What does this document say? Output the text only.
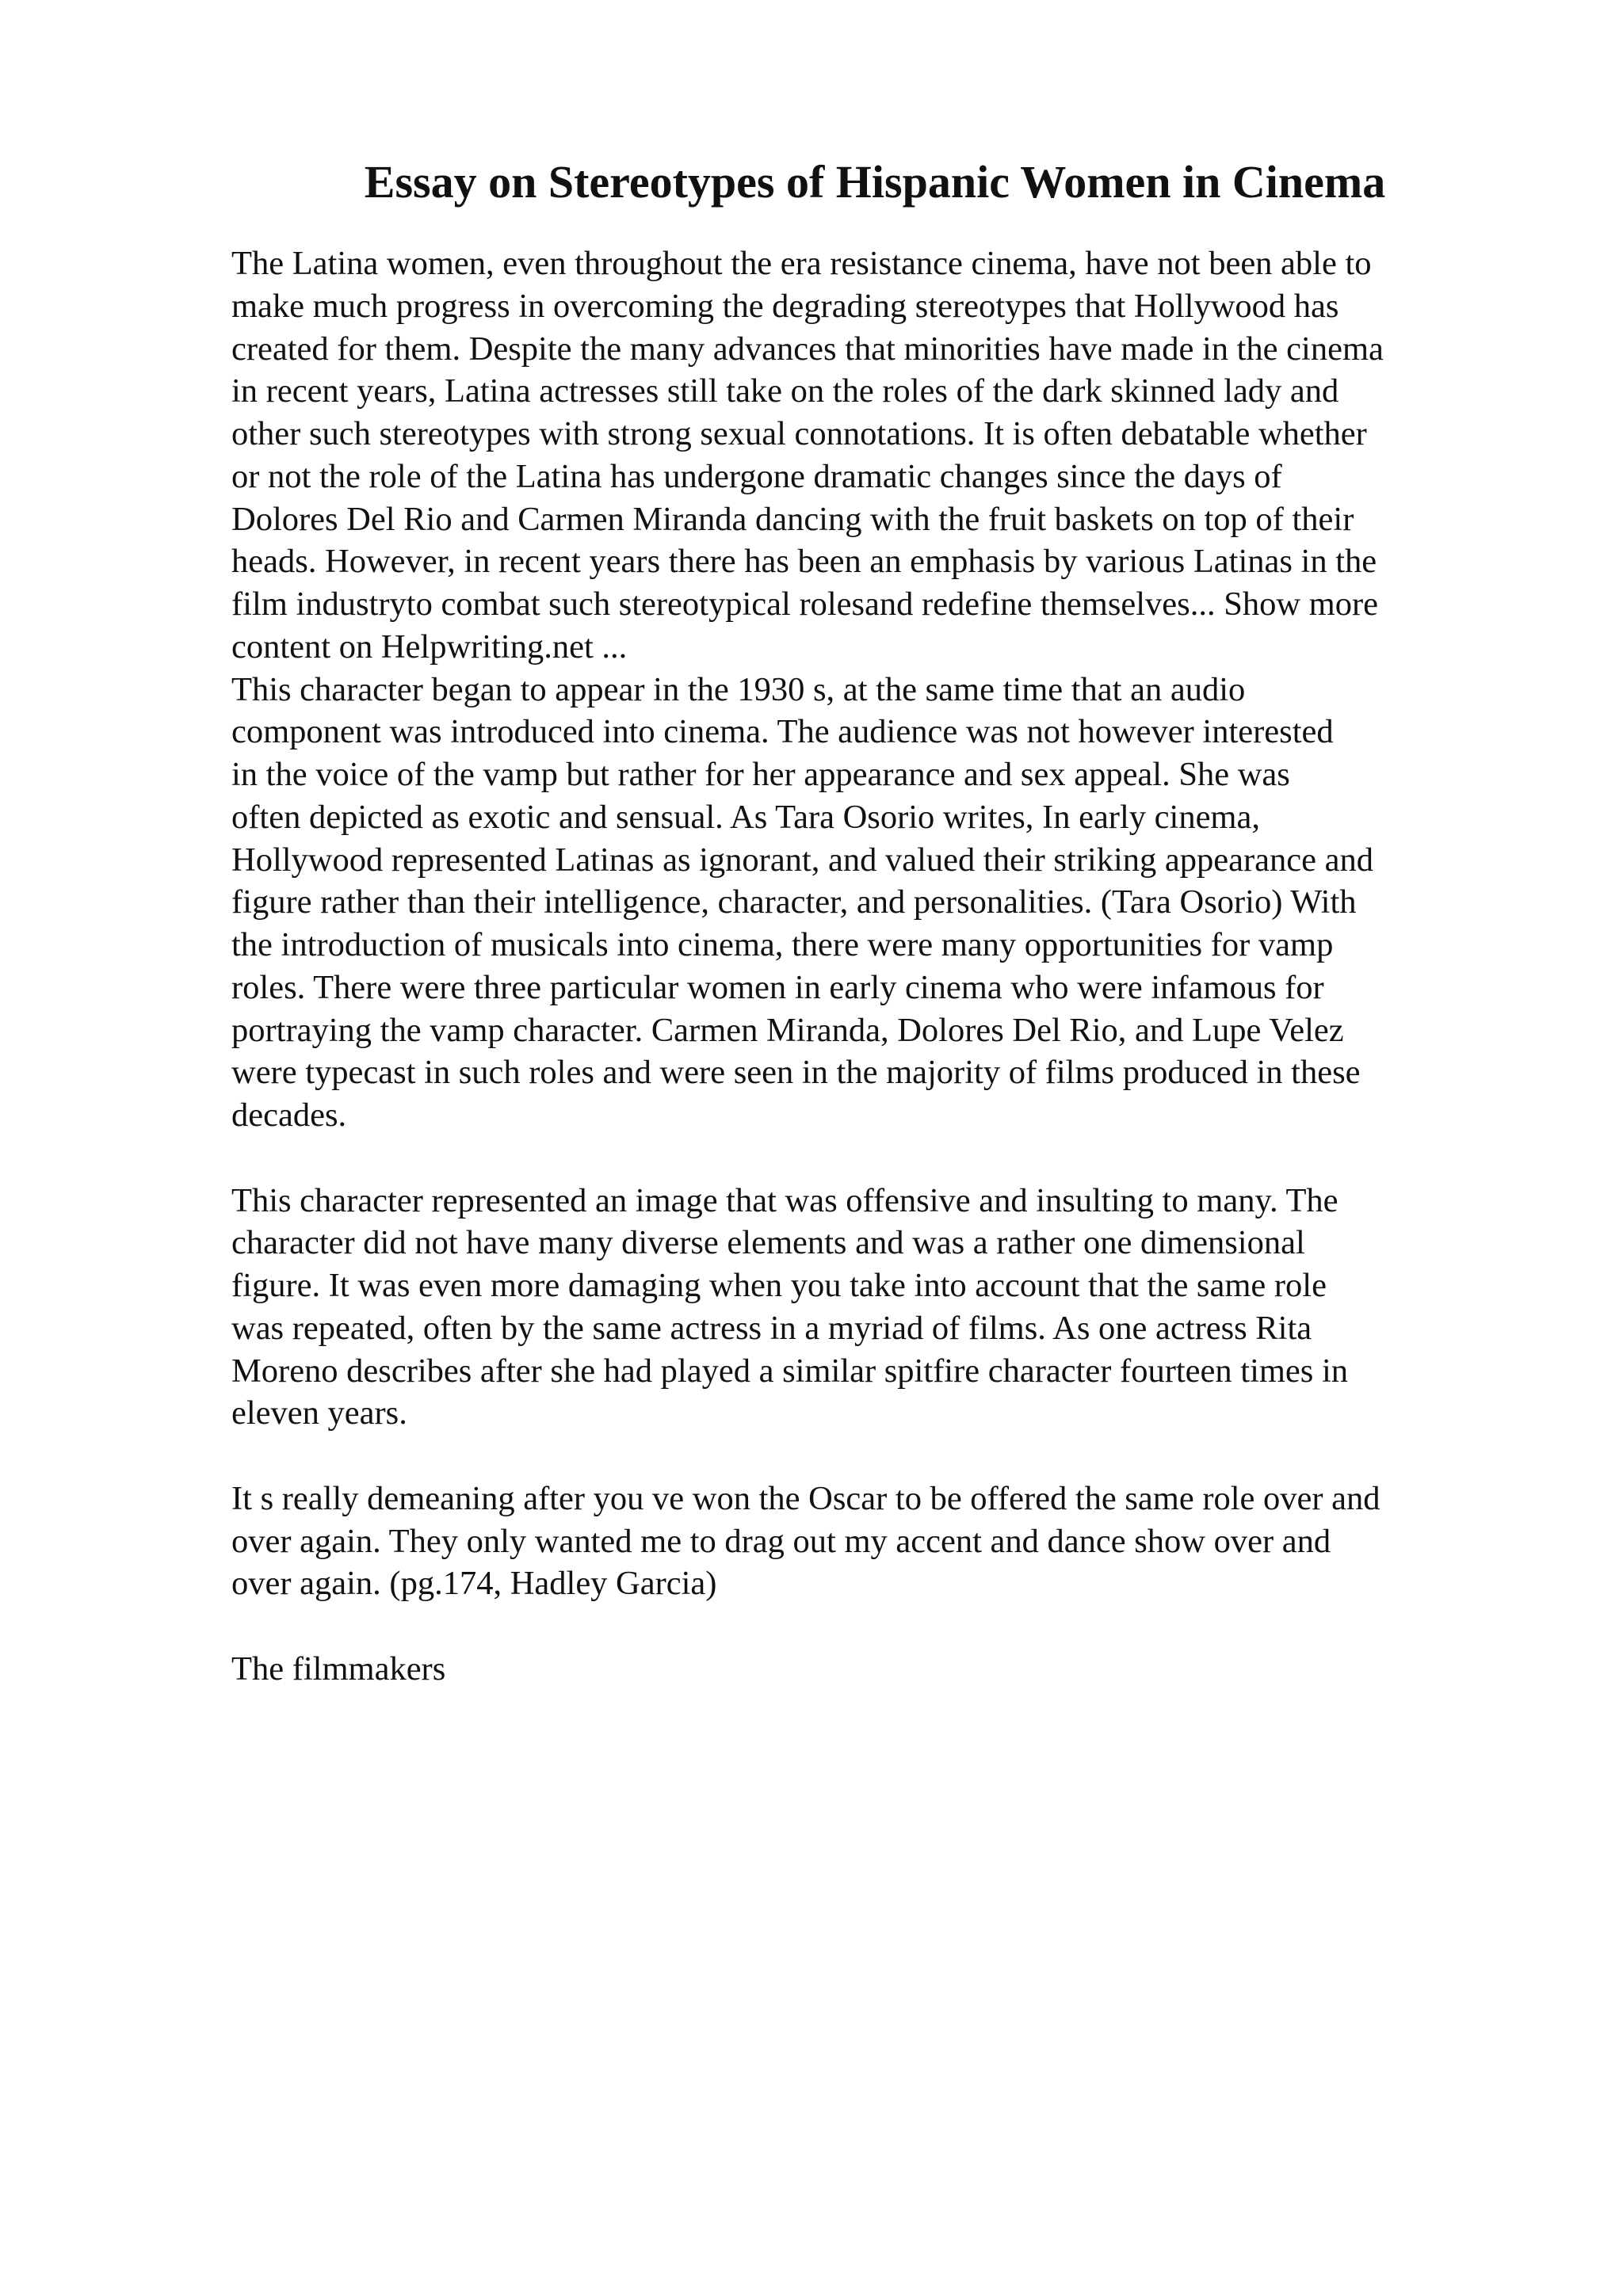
Essay on Stereotypes of Hispanic Women in Cinema
The Latina women, even throughout the era resistance cinema, have not been able to
make much progress in overcoming the degrading stereotypes that Hollywood has
created for them. Despite the many advances that minorities have made in the cinema
in recent years, Latina actresses still take on the roles of the dark skinned lady and
other such stereotypes with strong sexual connotations. It is often debatable whether
or not the role of the Latina has undergone dramatic changes since the days of
Dolores Del Rio and Carmen Miranda dancing with the fruit baskets on top of their
heads. However, in recent years there has been an emphasis by various Latinas in the
film industryto combat such stereotypical rolesand redefine themselves... Show more
content on Helpwriting.net ...
This character began to appear in the 1930 s, at the same time that an audio
component was introduced into cinema. The audience was not however interested
in the voice of the vamp but rather for her appearance and sex appeal. She was
often depicted as exotic and sensual. As Tara Osorio writes, In early cinema,
Hollywood represented Latinas as ignorant, and valued their striking appearance and
figure rather than their intelligence, character, and personalities. (Tara Osorio) With
the introduction of musicals into cinema, there were many opportunities for vamp
roles. There were three particular women in early cinema who were infamous for
portraying the vamp character. Carmen Miranda, Dolores Del Rio, and Lupe Velez
were typecast in such roles and were seen in the majority of films produced in these
decades.
This character represented an image that was offensive and insulting to many. The
character did not have many diverse elements and was a rather one dimensional
figure. It was even more damaging when you take into account that the same role
was repeated, often by the same actress in a myriad of films. As one actress Rita
Moreno describes after she had played a similar spitfire character fourteen times in
eleven years.
It s really demeaning after you ve won the Oscar to be offered the same role over and
over again. They only wanted me to drag out my accent and dance show over and
over again. (pg.174, Hadley Garcia)
The filmmakers
